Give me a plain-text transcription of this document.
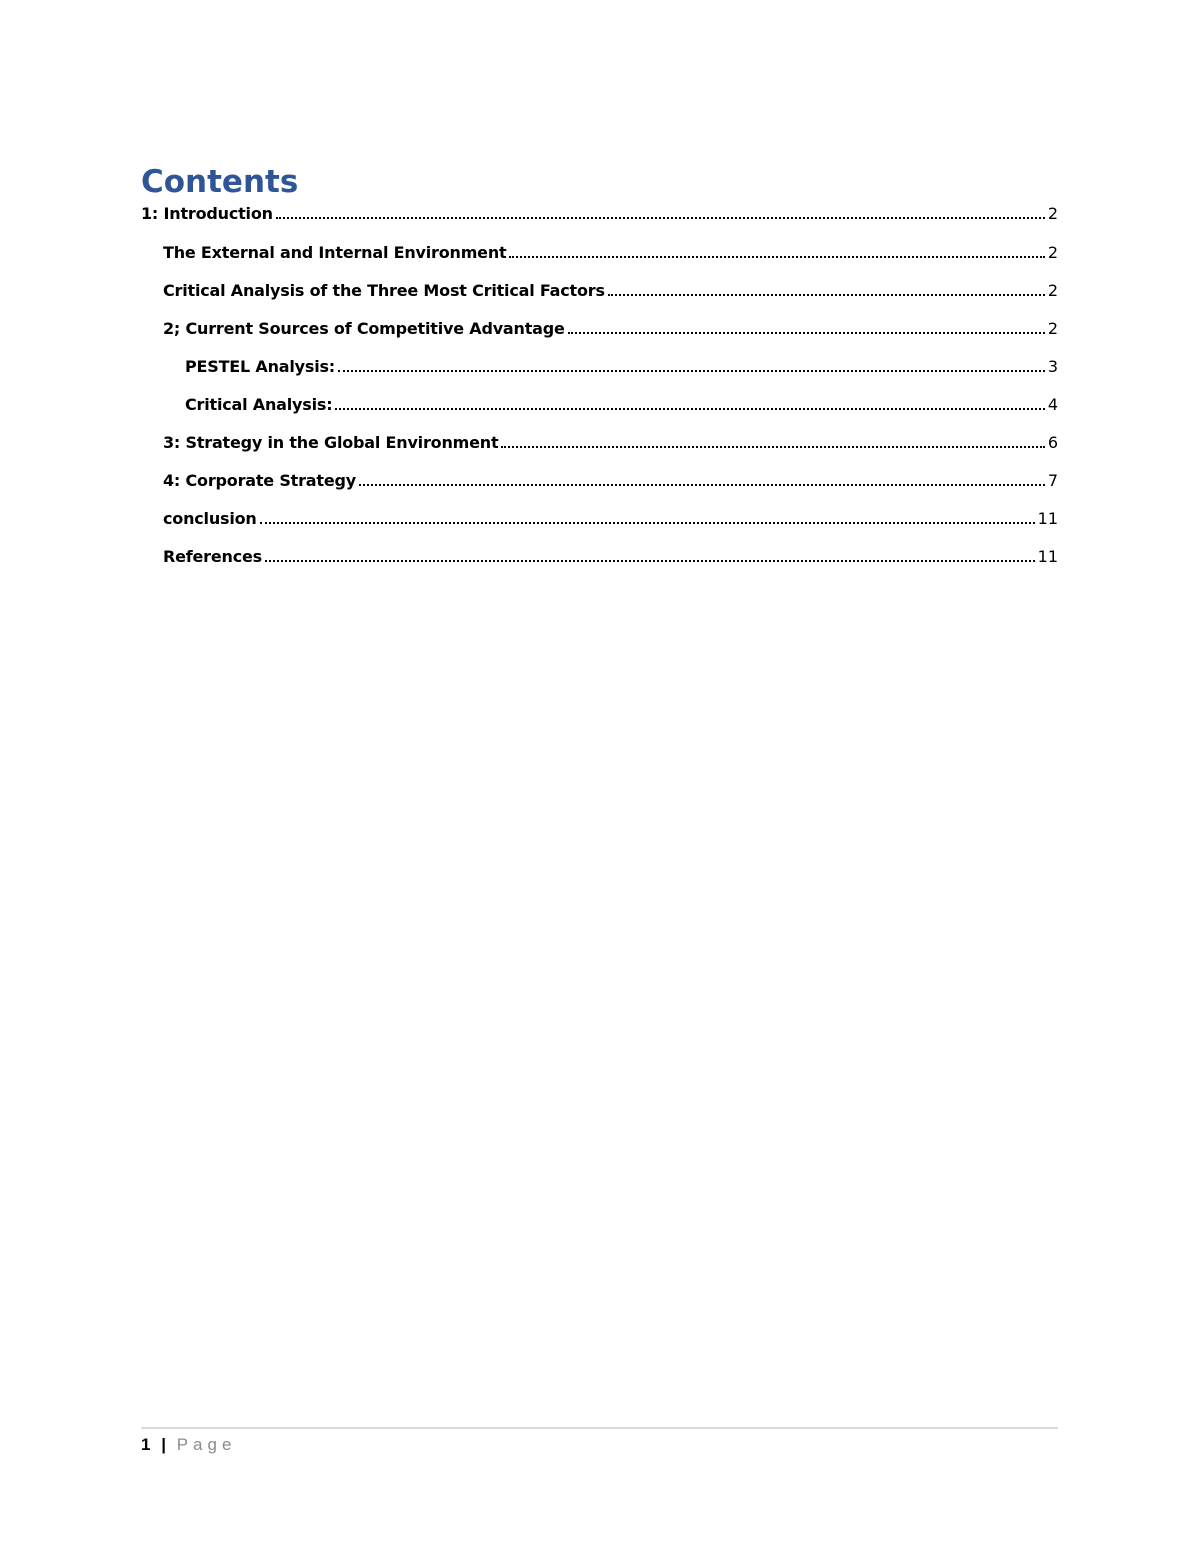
Contents
1: Introduction	2
The External and Internal Environment	2
Critical Analysis of the Three Most Critical Factors	2
2; Current Sources of Competitive Advantage	2
PESTEL Analysis:	3
Critical Analysis:	4
3: Strategy in the Global Environment	6
4: Corporate Strategy	7
conclusion	11
References	11
1 | Page
